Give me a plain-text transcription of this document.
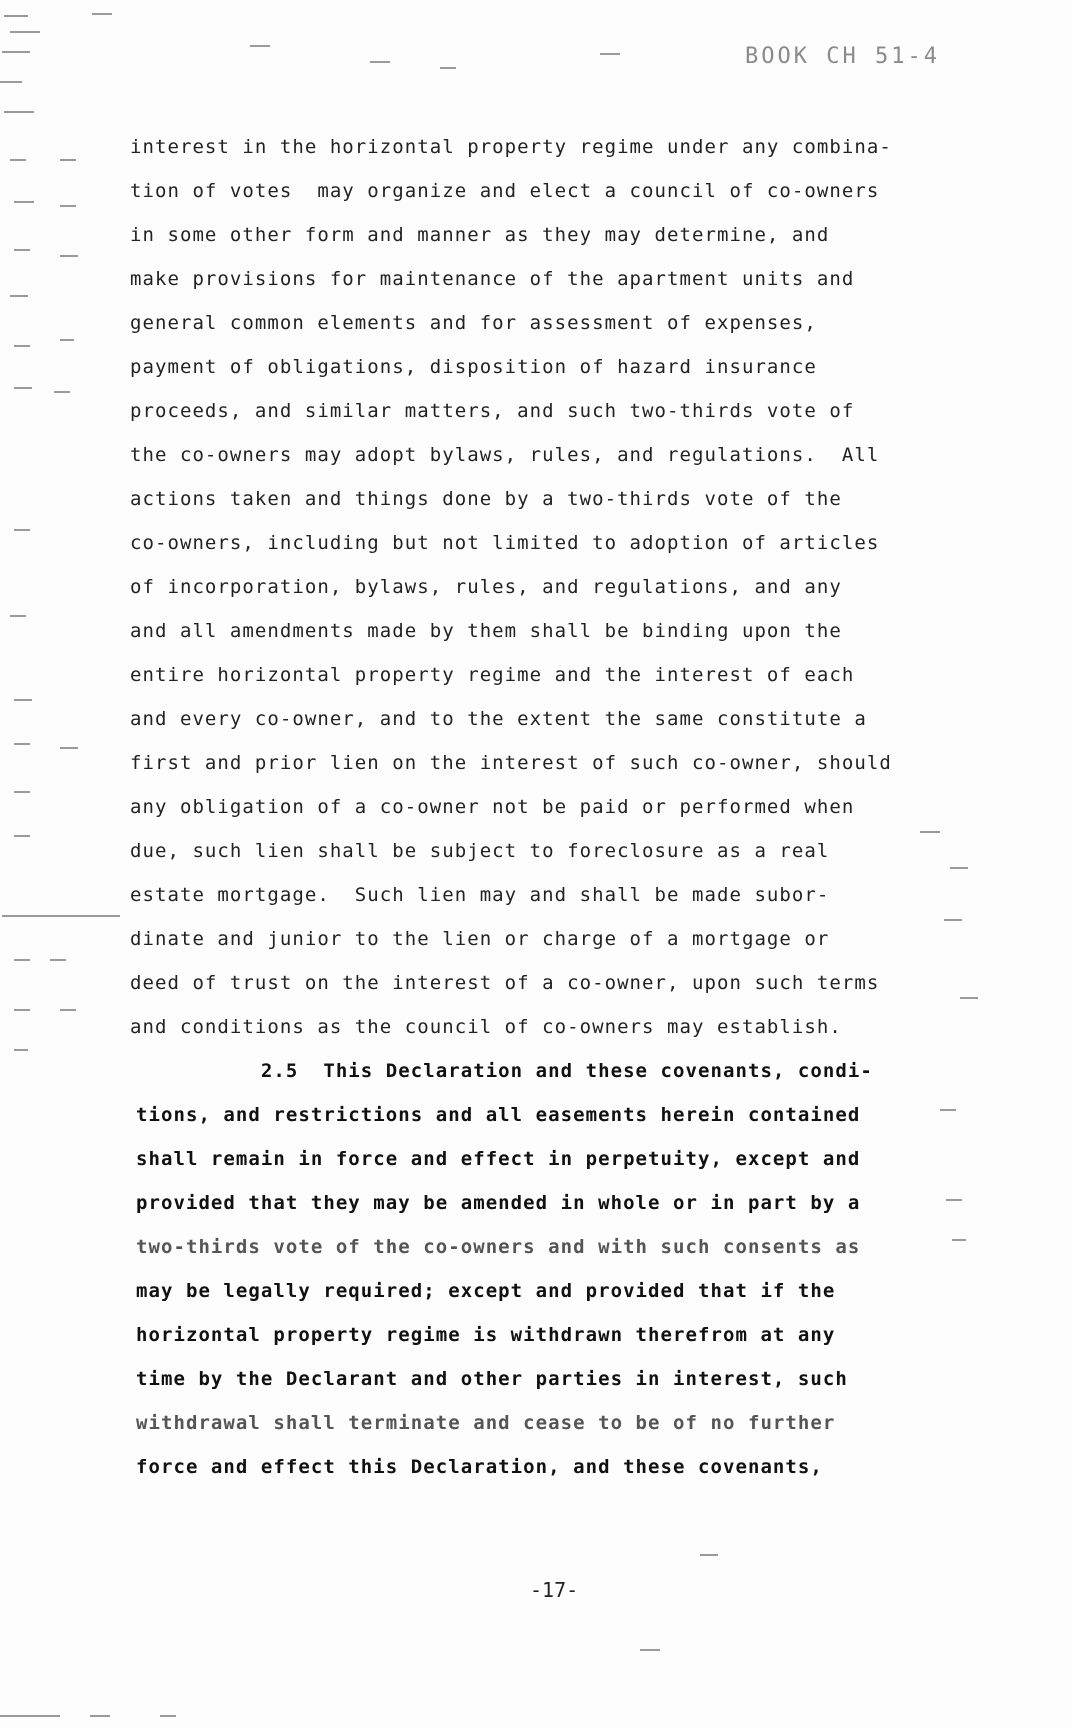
BOOK CH 51-4
interest in the horizontal property regime under any combina-
tion of votes  may organize and elect a council of co-owners
in some other form and manner as they may determine, and
make provisions for maintenance of the apartment units and
general common elements and for assessment of expenses,
payment of obligations, disposition of hazard insurance
proceeds, and similar matters, and such two-thirds vote of
the co-owners may adopt bylaws, rules, and regulations.  All
actions taken and things done by a two-thirds vote of the
co-owners, including but not limited to adoption of articles
of incorporation, bylaws, rules, and regulations, and any
and all amendments made by them shall be binding upon the
entire horizontal property regime and the interest of each
and every co-owner, and to the extent the same constitute a
first and prior lien on the interest of such co-owner, should
any obligation of a co-owner not be paid or performed when
due, such lien shall be subject to foreclosure as a real
estate mortgage.  Such lien may and shall be made subor-
dinate and junior to the lien or charge of a mortgage or
deed of trust on the interest of a co-owner, upon such terms
and conditions as the council of co-owners may establish.
2.5  This Declaration and these covenants, condi-
tions, and restrictions and all easements herein contained
shall remain in force and effect in perpetuity, except and
provided that they may be amended in whole or in part by a
two-thirds vote of the co-owners and with such consents as
may be legally required; except and provided that if the
horizontal property regime is withdrawn therefrom at any
time by the Declarant and other parties in interest, such
withdrawal shall terminate and cease to be of no further
force and effect this Declaration, and these covenants,
-17-
